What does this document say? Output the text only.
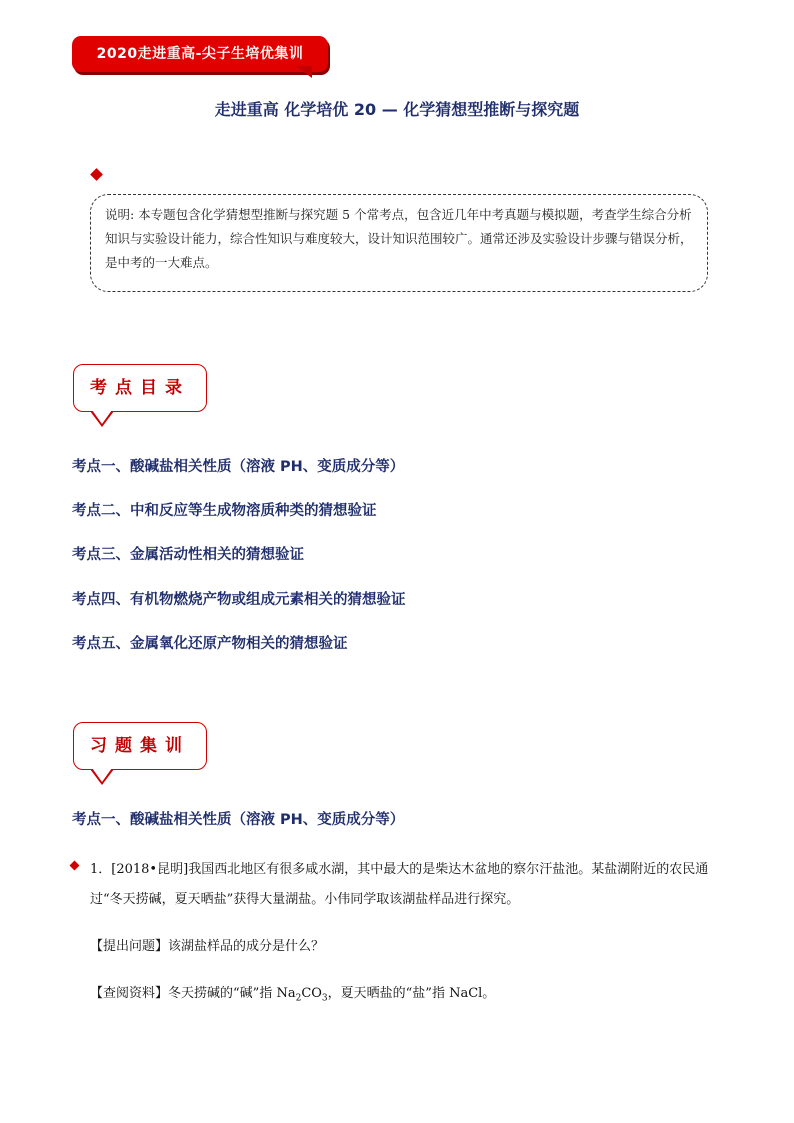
2020走进重高-尖子生培优集训
走进重高 化学培优 20 — 化学猜想型推断与探究题
说明: 本专题包含化学猜想型推断与探究题 5 个常考点，包含近几年中考真题与模拟题，考查学生综合分析知识与实验设计能力，综合性知识与难度较大，设计知识范围较广。通常还涉及实验设计步骤与错误分析，是中考的一大难点。
考点目录
考点一、酸碱盐相关性质（溶液 PH、变质成分等）
考点二、中和反应等生成物溶质种类的猜想验证
考点三、金属活动性相关的猜想验证
考点四、有机物燃烧产物或组成元素相关的猜想验证
考点五、金属氧化还原产物相关的猜想验证
习题集训
考点一、酸碱盐相关性质（溶液 PH、变质成分等）
1．[2018•昆明]我国西北地区有很多咸水湖，其中最大的是柴达木盆地的察尔汗盐池。某盐湖附近的农民通过“冬天捞碱，夏天晒盐”获得大量湖盐。小伟同学取该湖盐样品进行探究。
【提出问题】该湖盐样品的成分是什么？
【查阅资料】冬天捞碱的“碱”指 $Na_2CO_3$，夏天晒盐的“盐”指 NaCl。
